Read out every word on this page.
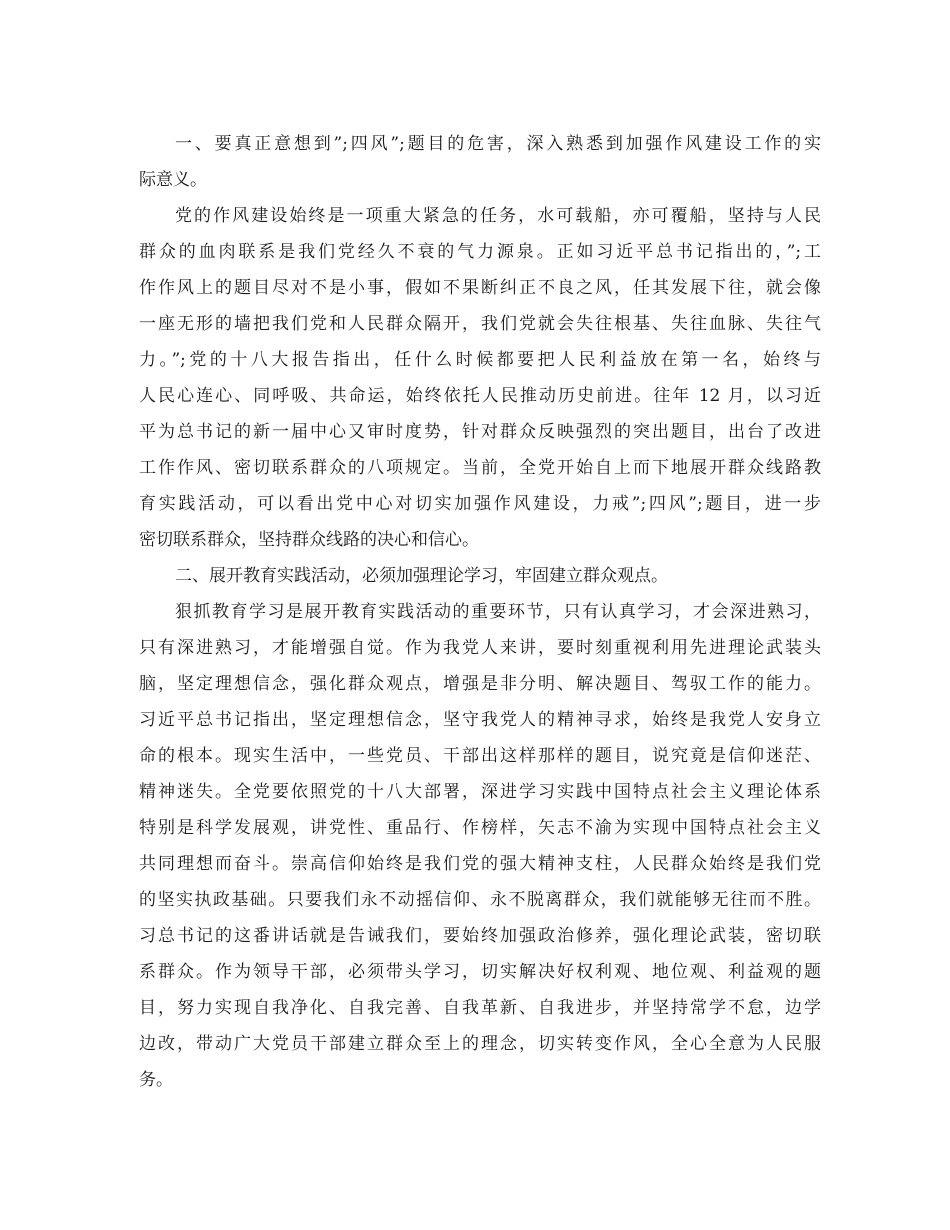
一、要真正意想到”;四风”;题目的危害，深入熟悉到加强作风建设工作的实
际意义。
党的作风建设始终是一项重大紧急的任务，水可载船，亦可覆船，坚持与人民
群众的血肉联系是我们党经久不衰的气力源泉。正如习近平总书记指出的，”;工
作作风上的题目尽对不是小事，假如不果断纠正不良之风，任其发展下往，就会像
一座无形的墙把我们党和人民群众隔开，我们党就会失往根基、失往血脉、失往气
力。”;党的十八大报告指出，任什么时候都要把人民利益放在第一名，始终与
人民心连心、同呼吸、共命运，始终依托人民推动历史前进。往年 12 月，以习近
平为总书记的新一届中心又审时度势，针对群众反映强烈的突出题目，出台了改进
工作作风、密切联系群众的八项规定。当前，全党开始自上而下地展开群众线路教
育实践活动，可以看出党中心对切实加强作风建设，力戒”;四风”;题目，进一步
密切联系群众，坚持群众线路的决心和信心。
二、展开教育实践活动，必须加强理论学习，牢固建立群众观点。
狠抓教育学习是展开教育实践活动的重要环节，只有认真学习，才会深进熟习，
只有深进熟习，才能增强自觉。作为我党人来讲，要时刻重视利用先进理论武装头
脑，坚定理想信念，强化群众观点，增强是非分明、解决题目、驾驭工作的能力。
习近平总书记指出，坚定理想信念，坚守我党人的精神寻求，始终是我党人安身立
命的根本。现实生活中，一些党员、干部出这样那样的题目，说究竟是信仰迷茫、
精神迷失。全党要依照党的十八大部署，深进学习实践中国特点社会主义理论体系
特别是科学发展观，讲党性、重品行、作榜样，矢志不渝为实现中国特点社会主义
共同理想而奋斗。崇高信仰始终是我们党的强大精神支柱，人民群众始终是我们党
的坚实执政基础。只要我们永不动摇信仰、永不脱离群众，我们就能够无往而不胜。
习总书记的这番讲话就是告诫我们，要始终加强政治修养，强化理论武装，密切联
系群众。作为领导干部，必须带头学习，切实解决好权利观、地位观、利益观的题
目，努力实现自我净化、自我完善、自我革新、自我进步，并坚持常学不怠，边学
边改，带动广大党员干部建立群众至上的理念，切实转变作风，全心全意为人民服
务。
